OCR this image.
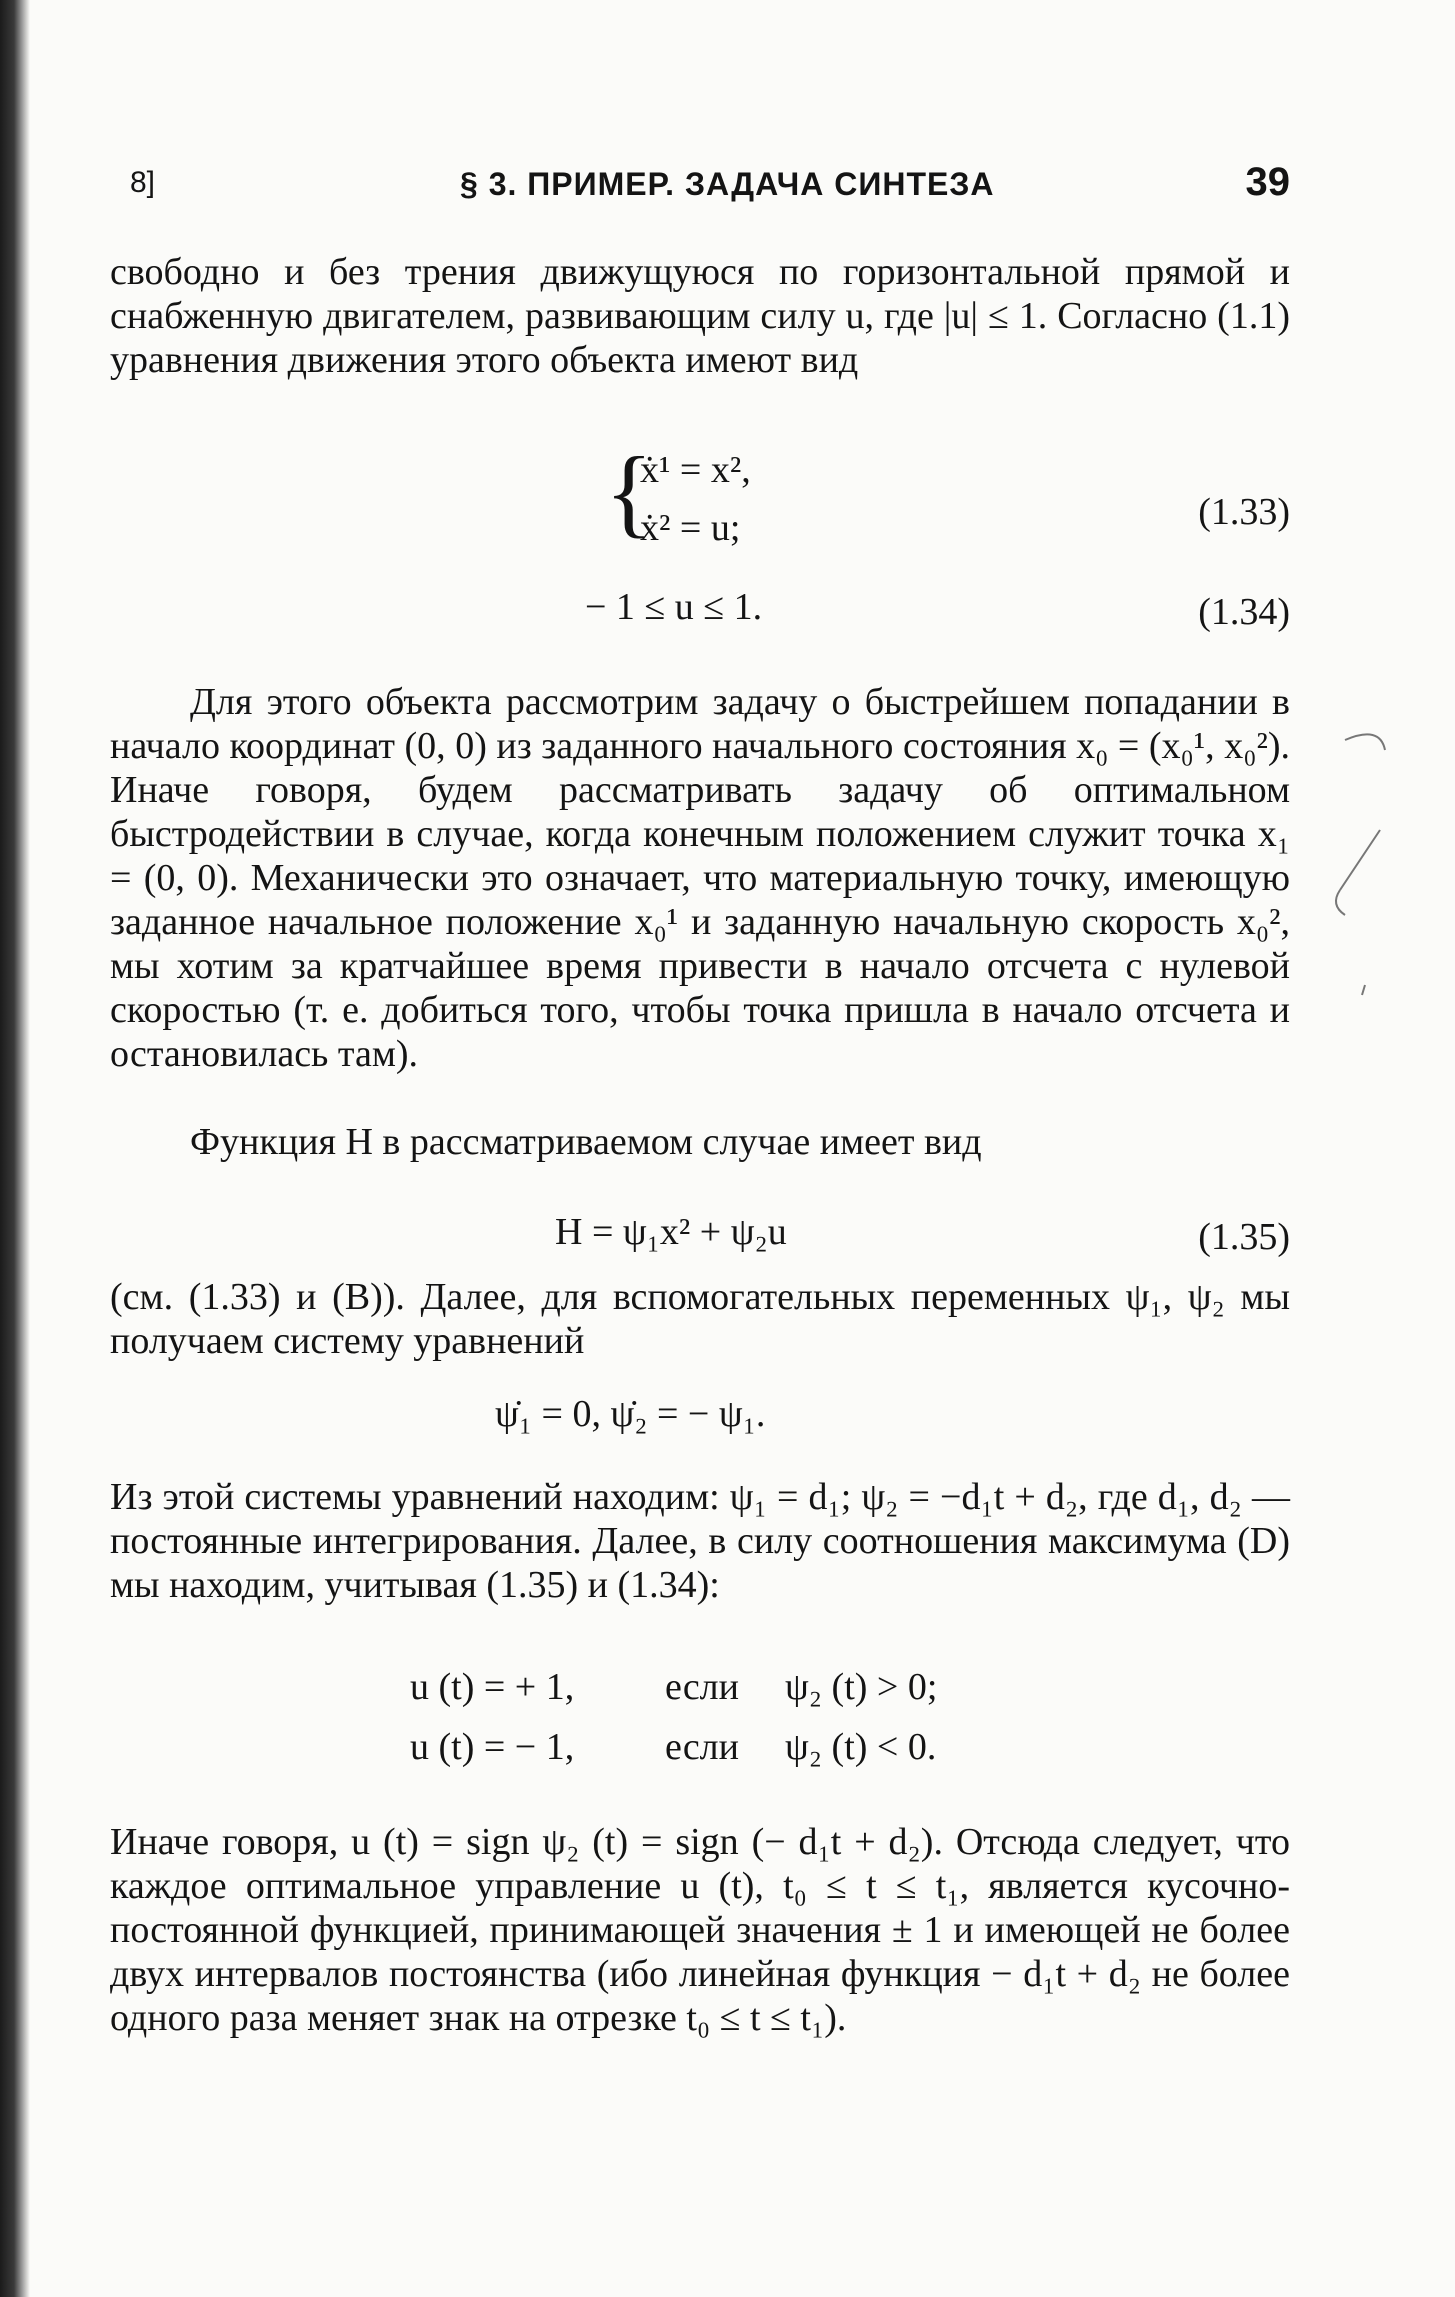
8]	§ 3. ПРИМЕР. ЗАДАЧА СИНТЕЗА	39
свободно и без трения движущуюся по горизонтальной прямой и снабженную двигателем, развивающим силу u, где |u| ≤ 1. Согласно (1.1) уравнения движения этого объекта имеют вид
{
ẋ¹ = x²,
ẋ² = u;	(1.33)
− 1 ≤ u ≤ 1.	(1.34)
Для этого объекта рассмотрим задачу о быстрейшем попадании в начало координат (0, 0) из заданного начального состояния x₀ = (x₀¹, x₀²). Иначе говоря, будем рассматривать задачу об оптимальном быстродействии в случае, когда конечным положением служит точка x₁ = (0, 0). Механически это означает, что материальную точку, имеющую заданное начальное положение x₀¹ и заданную начальную скорость x₀², мы хотим за кратчайшее время привести в начало отсчета с нулевой скоростью (т. е. добиться того, чтобы точка пришла в начало отсчета и остановилась там).
Функция H в рассматриваемом случае имеет вид
H = ψ₁x² + ψ₂u	(1.35)
(см. (1.33) и (B)). Далее, для вспомогательных переменных ψ₁, ψ₂ мы получаем систему уравнений
ψ̇₁ = 0, ψ̇₂ = − ψ₁.
Из этой системы уравнений находим: ψ₁ = d₁; ψ₂ = −d₁t + d₂, где d₁, d₂ — постоянные интегрирования. Далее, в силу соотношения максимума (D) мы находим, учитывая (1.35) и (1.34):
u (t) = + 1, если ψ₂ (t) > 0;
u (t) = − 1, если ψ₂ (t) < 0.
Иначе говоря, u (t) = sign ψ₂ (t) = sign (− d₁t + d₂). Отсюда следует, что каждое оптимальное управление u (t), t₀ ≤ t ≤ t₁, является кусочно-постоянной функцией, принимающей значения ± 1 и имеющей не более двух интервалов постоянства (ибо линейная функция − d₁t + d₂ не более одного раза меняет знак на отрезке t₀ ≤ t ≤ t₁).
